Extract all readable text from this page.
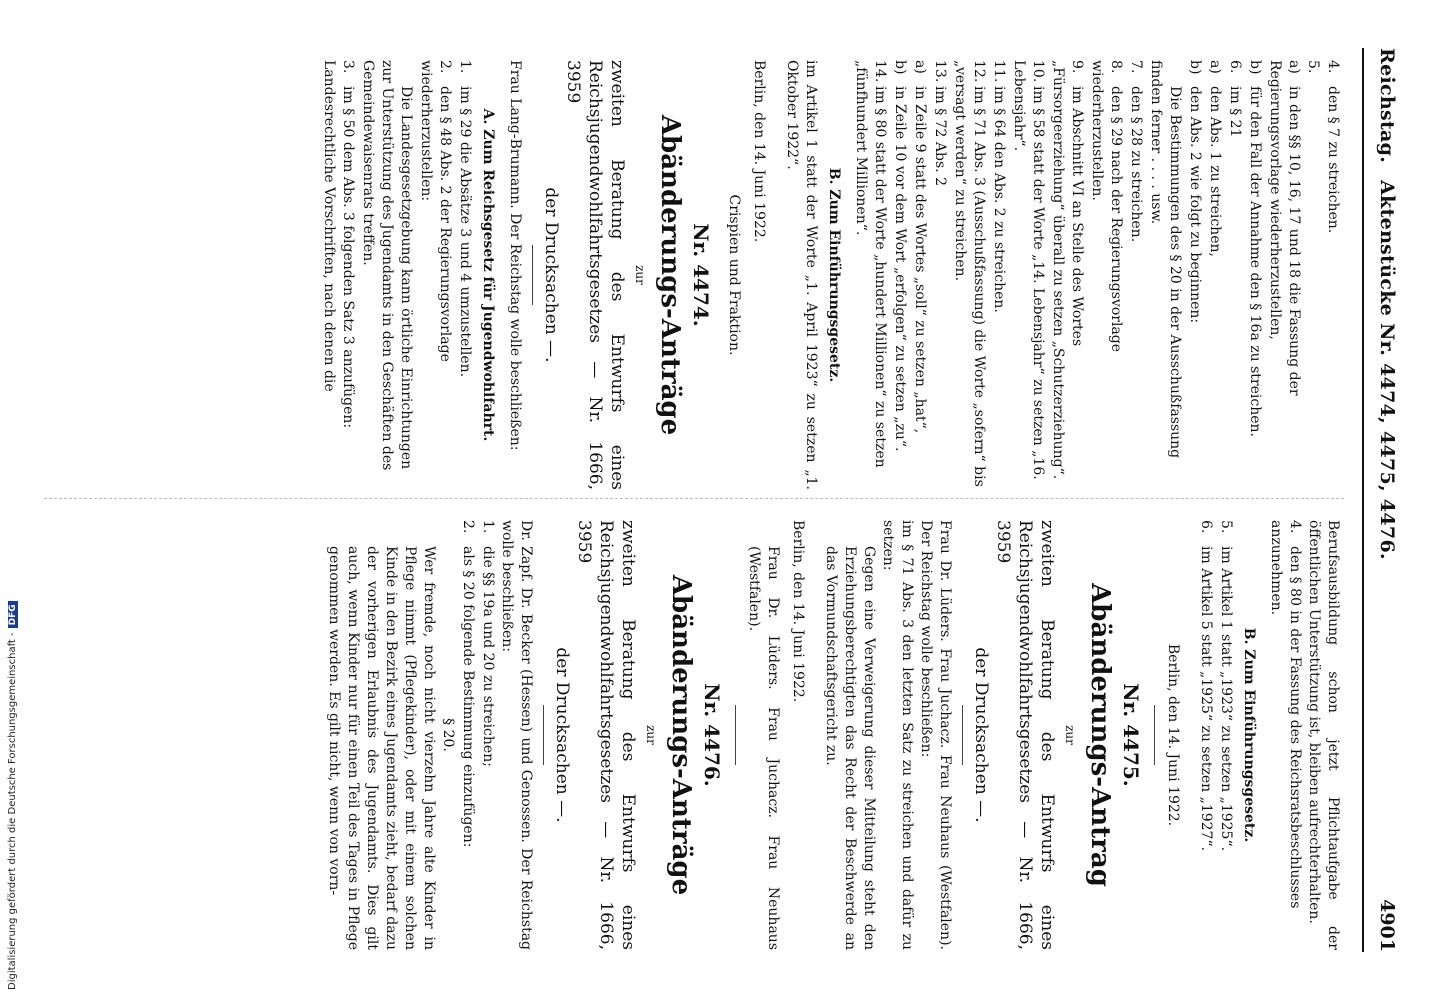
Digitalisierung gefördert durch die Deutsche Forschungsgemeinschaft -DFG
Reichstag. Aktenstücke Nr. 4474, 4475, 4476.
4901
4.den § 7 zu streichen.
5. a)in den §§ 10, 16, 17 und 18 die Fassung der Regierungsvorlage wiederherzustellen,
b)für den Fall der Annahme den § 16a zu streichen.
6.im § 21
a)den Abs. 1 zu streichen,
b)den Abs. 2 wie folgt zu beginnen:
Die Bestimmungen des § 20 in der Ausschußfassung finden ferner . . . . usw.
7.den § 28 zu streichen.
8.den § 29 nach der Regierungsvorlage wiederherzustellen.
9.im Abschnitt VI an Stelle des Wortes „Fürsorgeerziehung“ überall zu setzen „Schutzerziehung“.
10.im § 58 statt der Worte „14. Lebensjahr“ zu setzen „16. Lebensjahr“.
11.im § 64 den Abs. 2 zu streichen.
12.im § 71 Abs. 3 (Ausschußfassung) die Worte „sofern“ bis „versagt werden“ zu streichen.
13.im § 72 Abs. 2
a)in Zeile 9 statt des Wortes „soll“ zu setzen „hat“,
b)in Zeile 10 vor dem Wort „erfolgen“ zu setzen „zu“.
14.im § 80 statt der Worte „hundert Millionen“ zu setzen „fünfhundert Millionen“.
B. Zum Einführungsgesetz.
im Artikel 1 statt der Worte „1. April 1923“ zu setzen „1. Oktober 1922“.
Berlin, den 14. Juni 1922.
Crispien und Fraktion.
Nr. 4474.
Abänderungs-Anträge
zur
zweiten Beratung des Entwurfs eines Reichsjugendwohlfahrtsgesetzes — Nr. 1666, 3959
der Drucksachen —.
Frau Lang-Brumann. Der Reichstag wolle beschließen:
A. Zum Reichsgesetz für Jugendwohlfahrt.
1.im § 29 die Absätze 3 und 4 umzustellen.
2.den § 48 Abs. 2 der Regierungsvorlage wiederherzustellen:
Die Landesgesetzgebung kann örtliche Einrichtungen zur Unterstützung des Jugendamts in den Geschäften des Gemeindewaisenrats treffen.
3.im § 50 dem Abs. 3 folgenden Satz 3 anzufügen: Landesrechtliche Vorschriften, nach denen die
Berufsausbildung schon jetzt Pflichtaufgabe der öffentlichen Unterstützung ist, bleiben aufrechterhalten.
4.den § 80 in der Fassung des Reichsratsbeschlusses anzunehmen.
B. Zum Einführungsgesetz.
5.im Artikel 1 statt „1923“ zu setzen „1925“.
6.im Artikel 5 statt „1925“ zu setzen „1927“.
Berlin, den 14. Juni 1922.
Nr. 4475.
Abänderungs-Antrag
zur
zweiten Beratung des Entwurfs eines Reichsjugendwohlfahrtsgesetzes — Nr. 1666, 3959
der Drucksachen —.
Frau Dr. Lüders. Frau Juchacz. Frau Neuhaus (Westfalen). Der Reichstag wolle beschließen:
im § 71 Abs. 3 den letzten Satz zu streichen und dafür zu setzen:
Gegen eine Verweigerung dieser Mitteilung steht den Erziehungsberechtigten das Recht der Beschwerde an das Vormundschaftsgericht zu.
Berlin, den 14. Juni 1922.
Frau Dr. Lüders. Frau Juchacz. Frau Neuhaus (Westfalen).
Nr. 4476.
Abänderungs-Anträge
zur
zweiten Beratung des Entwurfs eines Reichsjugendwohlfahrtsgesetzes — Nr. 1666, 3959
der Drucksachen —.
Dr. Zapf. Dr. Becker (Hessen) und Genossen. Der Reichstag wolle beschließen:
1.die §§ 19a und 20 zu streichen;
2.als § 20 folgende Bestimmung einzufügen:
§ 20.
Wer fremde, noch nicht vierzehn Jahre alte Kinder in Pflege nimmt (Pflegekinder), oder mit einem solchen Kinde in den Bezirk eines Jugendamts zieht, bedarf dazu der vorherigen Erlaubnis des Jugendamts. Dies gilt auch, wenn Kinder nur für einen Teil des Tages in Pflege genommen werden. Es gilt nicht, wenn von vorn-
